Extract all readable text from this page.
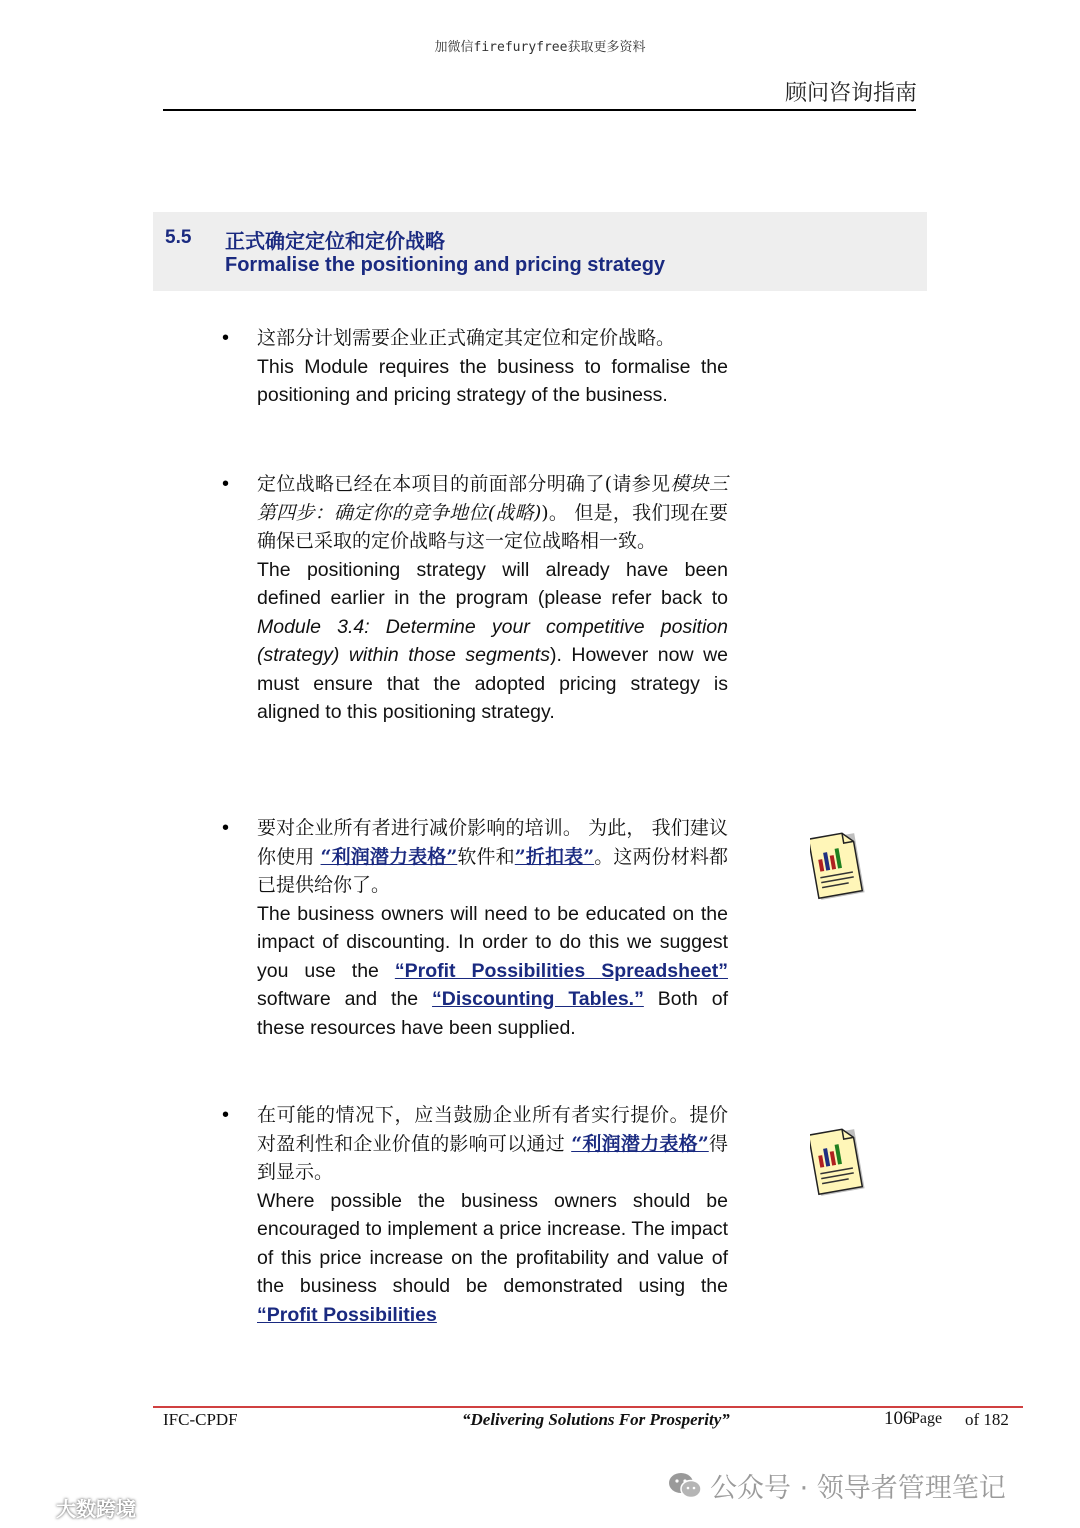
加微信firefuryfree获取更多资料
顾问咨询指南
5.5 正式确定定位和定价战略
Formalise the positioning and pricing strategy
• 这部分计划需要企业正式确定其定位和定价战略。
This Module requires the business to formalise the positioning and pricing strategy of the business.
• 定位战略已经在本项目的前面部分明确了(请参见模块三第四步：确定你的竞争地位(战略))。 但是，我们现在要确保已采取的定价战略与这一定位战略相一致。
The positioning strategy will already have been defined earlier in the program (please refer back to Module 3.4: Determine your competitive position (strategy) within those segments). However now we must ensure that the adopted pricing strategy is aligned to this positioning strategy.
• 要对企业所有者进行减价影响的培训。 为此， 我们建议你使用 “利润潜力表格”软件和”折扣表”。这两份材料都已提供给你了。
The business owners will need to be educated on the impact of discounting. In order to do this we suggest you use the “Profit Possibilities Spreadsheet” software and the “Discounting Tables.” Both of these resources have been supplied.
• 在可能的情况下，应当鼓励企业所有者实行提价。提价对盈利性和企业价值的影响可以通过 “利润潜力表格”得到显示。
Where possible the business owners should be encouraged to implement a price increase. The impact of this price increase on the profitability and value of the business should be demonstrated using the “Profit Possibilities
IFC-CPDF	“Delivering Solutions For Prosperity”	106
Page of 182
公众号 · 领导者管理笔记
大数跨境
